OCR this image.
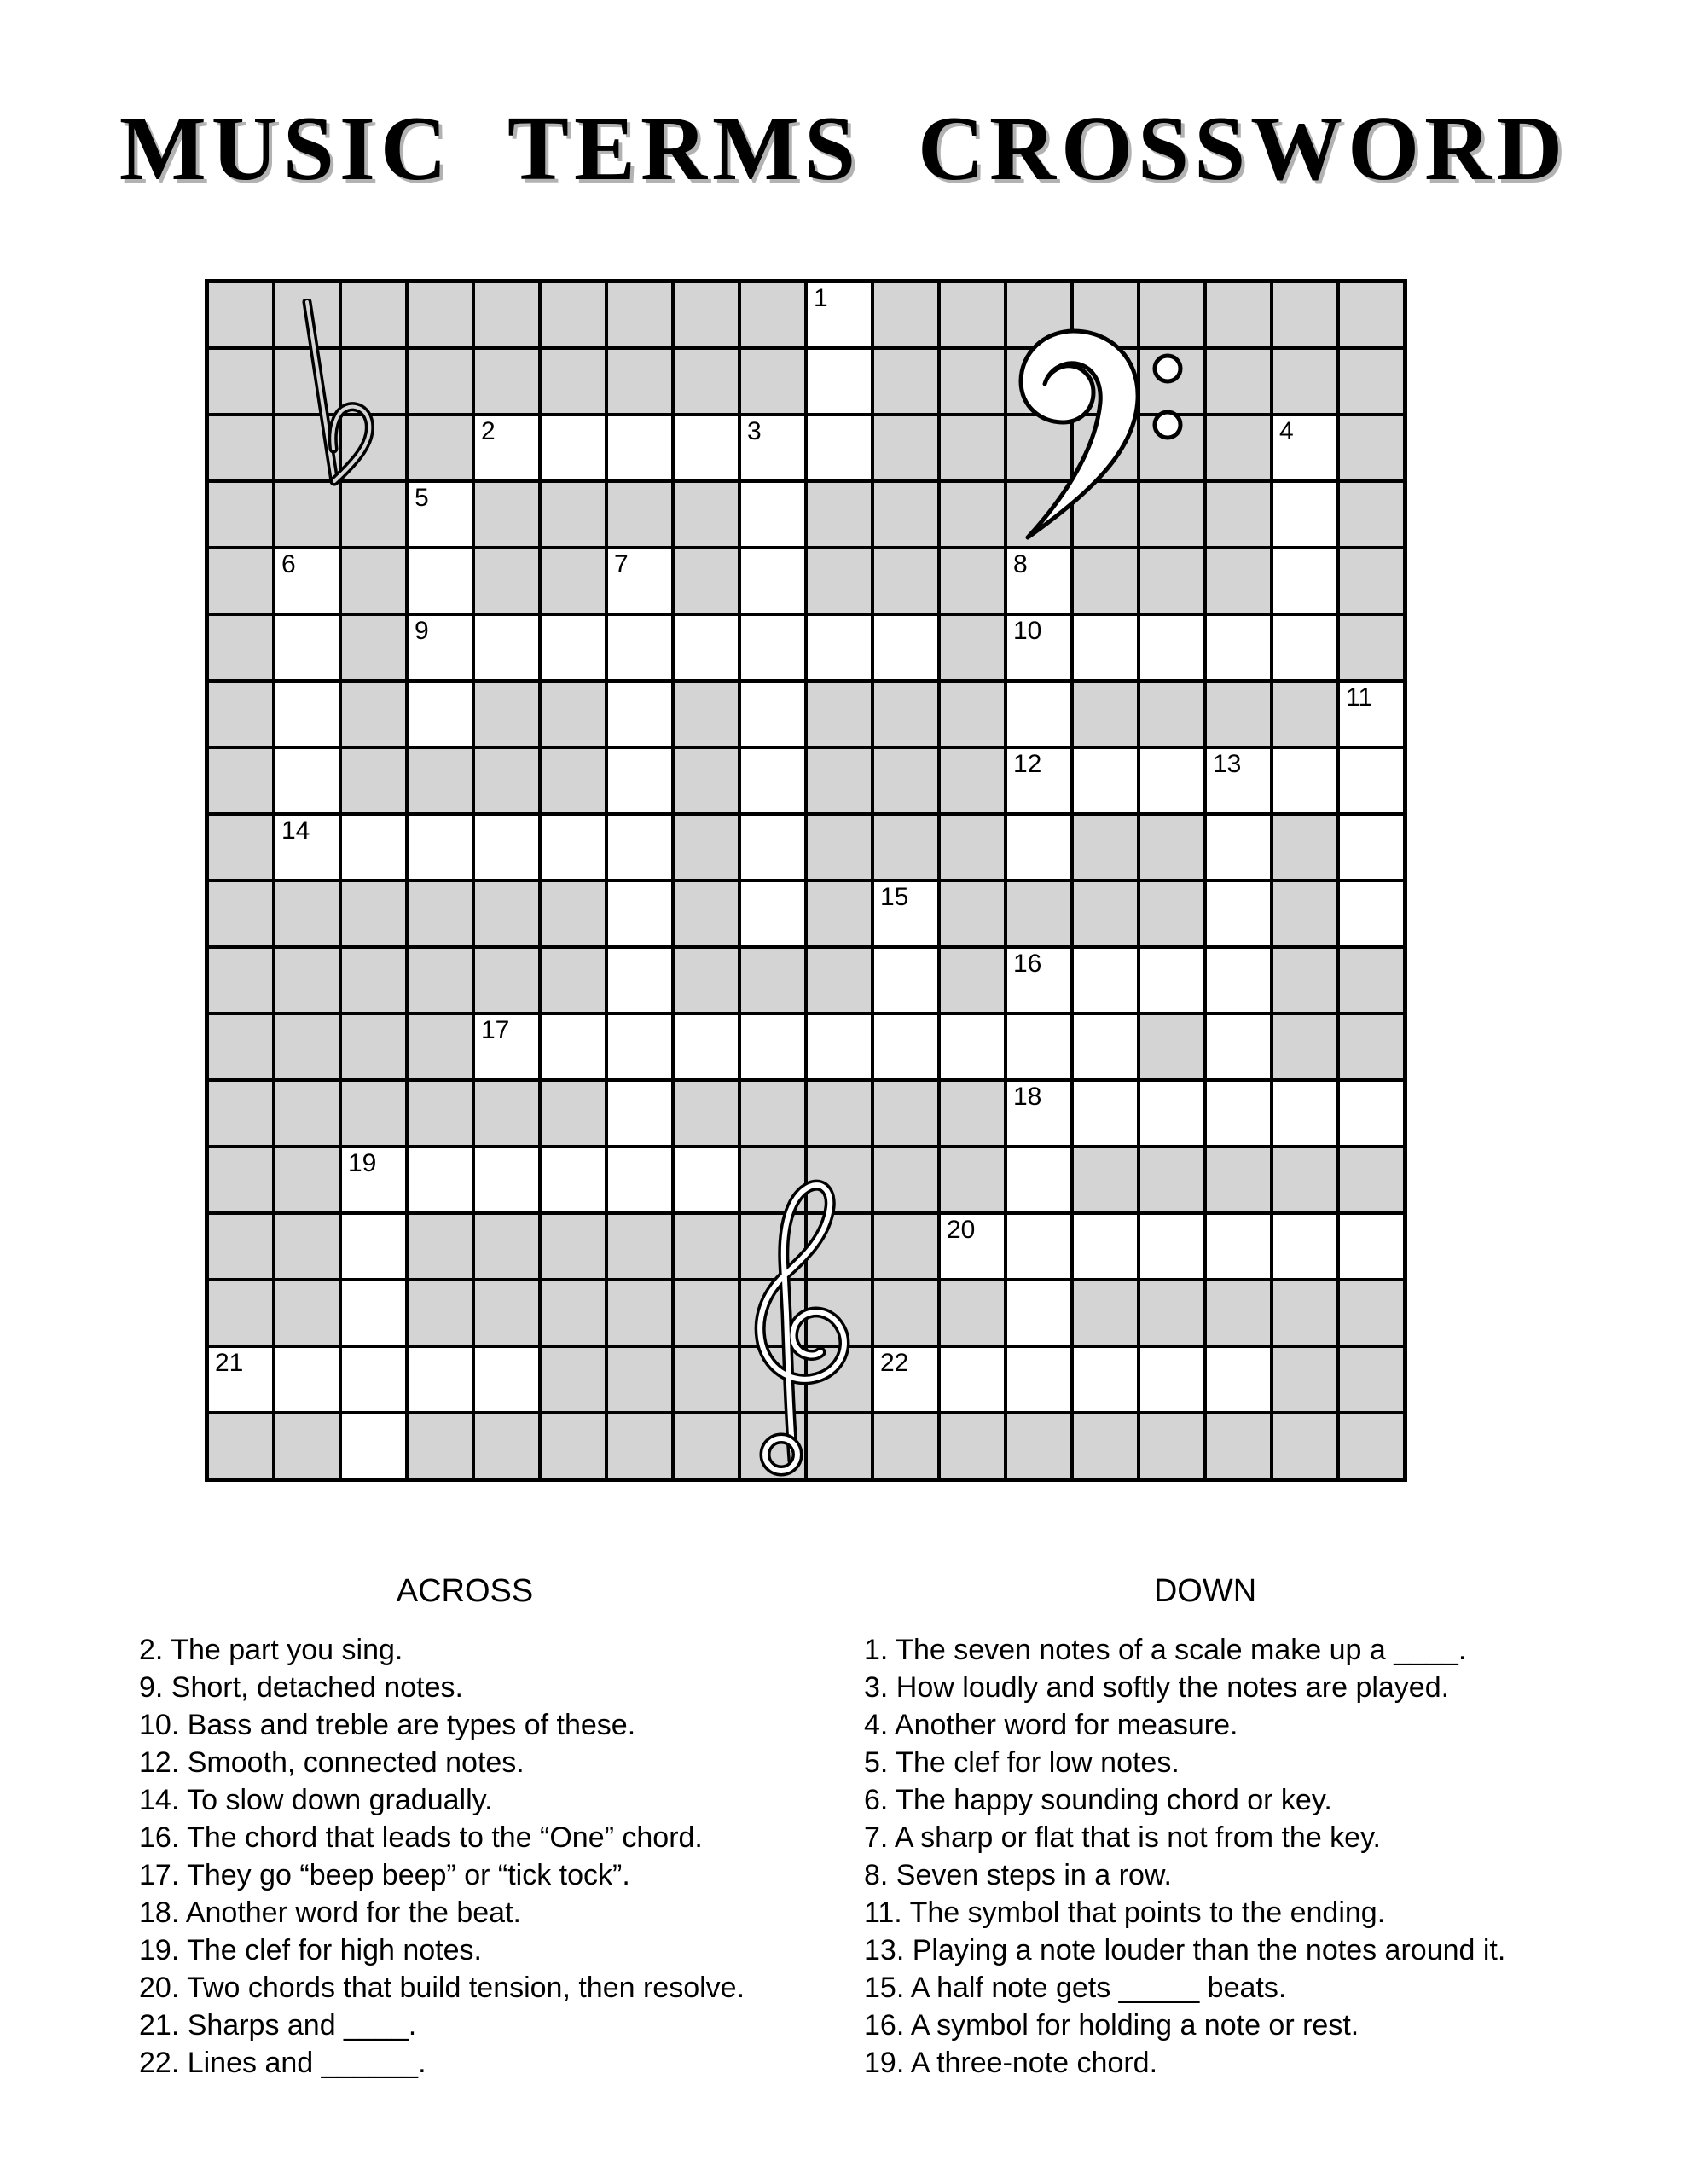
MUSIC TERMS CROSSWORD
1
2	3	4
5
6	7	8
9	10
11
12	13
14
15
16
17
18
19
20
21	22
ACROSS	DOWN
2. The part you sing.
9. Short, detached notes.
10. Bass and treble are types of these.
12. Smooth, connected notes.
14. To slow down gradually.
16. The chord that leads to the “One” chord.
17. They go “beep beep” or “tick tock”.
18. Another word for the beat.
19. The clef for high notes.
20. Two chords that build tension, then resolve.
21. Sharps and ____.
22. Lines and ______.
1. The seven notes of a scale make up a ____.
3. How loudly and softly the notes are played.
4. Another word for measure.
5. The clef for low notes.
6. The happy sounding chord or key.
7. A sharp or flat that is not from the key.
8. Seven steps in a row.
11. The symbol that points to the ending.
13. Playing a note louder than the notes around it.
15. A half note gets _____ beats.
16. A symbol for holding a note or rest.
19. A three-note chord.
